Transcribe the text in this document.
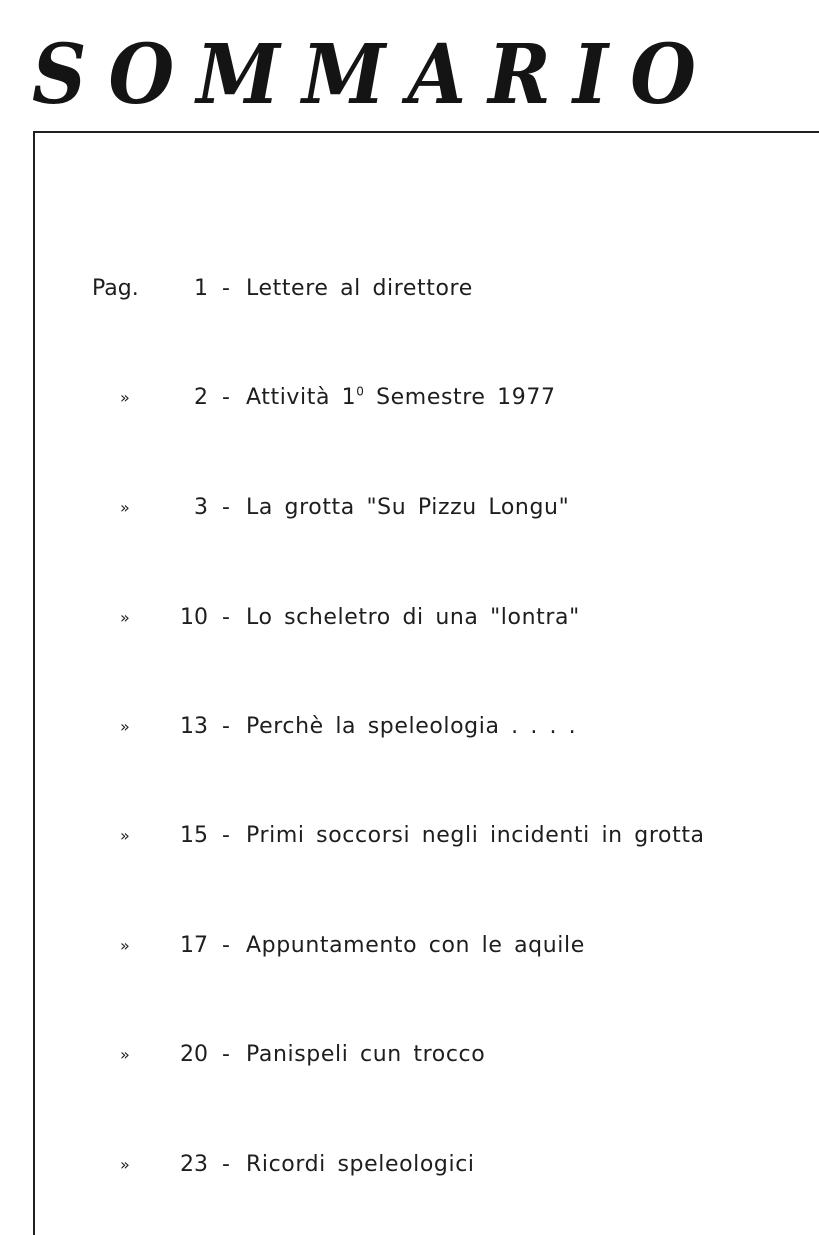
SOMMARIO
Pag.	1 - Lettere al direttore
»	2 - Attività $1^0$ Semestre 1977
»	3 - La grotta "Su Pizzu Longu"
» 10 - Lo scheletro di una "lontra"
» 13 - Perchè la speleologia . . . .
» 15 - Primi soccorsi negli incidenti in grotta
» 17 - Appuntamento con le aquile
» 20 - Panispeli cun trocco
» 23 - Ricordi speleologici
